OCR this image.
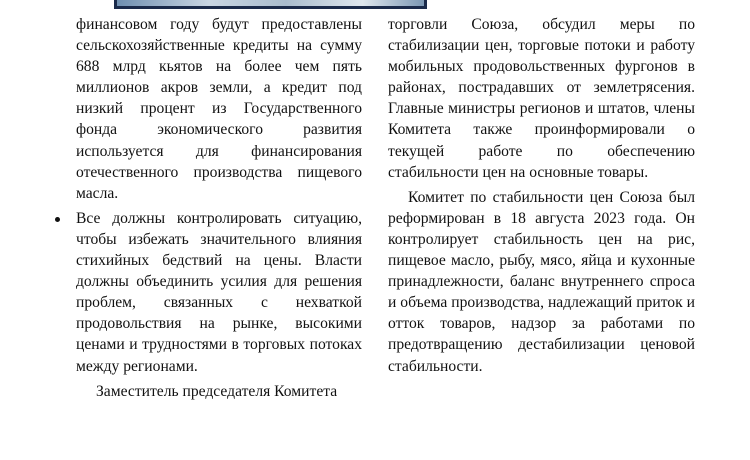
финансовом году будут предоставлены сельскохозяйственные кредиты на сумму 688 млрд кьятов на более чем пять миллионов акров земли, а кредит под низкий процент из Государственного фонда экономического развития используется для финансирования отечественного производства пищевого масла.

Все должны контролировать ситуацию, чтобы избежать значительного влияния стихийных бедствий на цены. Власти должны объединить усилия для решения проблем, связанных с нехваткой продовольствия на рынке, высокими ценами и трудностями в торговых потоках между регионами.

Заместитель председателя Комитета

торговли Союза, обсудил меры по стабилизации цен, торговые потоки и работу мобильных продовольственных фургонов в районах, пострадавших от землетрясения. Главные министры регионов и штатов, члены Комитета также проинформировали о текущей работе по обеспечению стабильности цен на основные товары.

Комитет по стабильности цен Союза был реформирован в 18 августа 2023 года. Он контролирует стабильность цен на рис, пищевое масло, рыбу, мясо, яйца и кухонные принадлежности, баланс внутреннего спроса и объема производства, надлежащий приток и отток товаров, надзор за работами по предотвращению дестабилизации ценовой стабильности.
